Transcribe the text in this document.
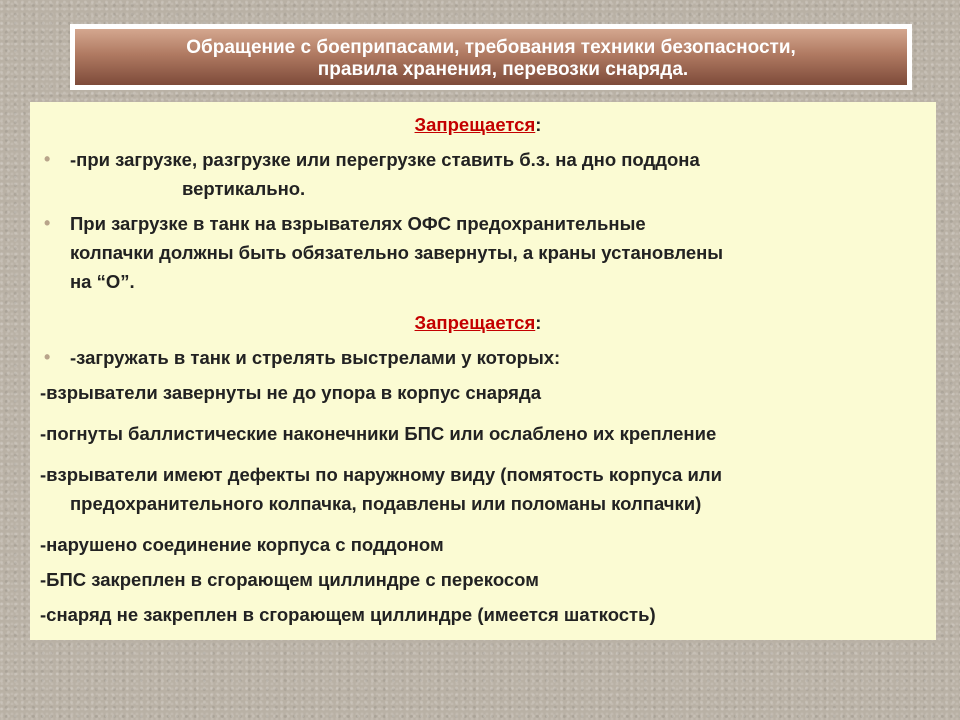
Обращение с боеприпасами, требования техники безопасности,
правила хранения, перевозки снаряда.

Запрещается:

• -при загрузке, разгрузке или перегрузке ставить б.з. на дно поддона
вертикально.
• При загрузке в танк на взрывателях ОФС предохранительные
колпачки должны быть обязательно завернуты, а краны установлены
на “О”.

Запрещается:

• -загружать в танк и стрелять выстрелами у которых:
-взрыватели завернуты не до упора в корпус снаряда
-погнуты баллистические наконечники БПС или ослаблено их крепление
-взрыватели имеют дефекты по наружному виду (помятость корпуса или
предохранительного колпачка, подавлены или поломаны колпачки)
-нарушено соединение корпуса с поддоном
-БПС закреплен в сгорающем циллиндре с перекосом
-снаряд не закреплен в сгорающем циллиндре (имеется шаткость)
